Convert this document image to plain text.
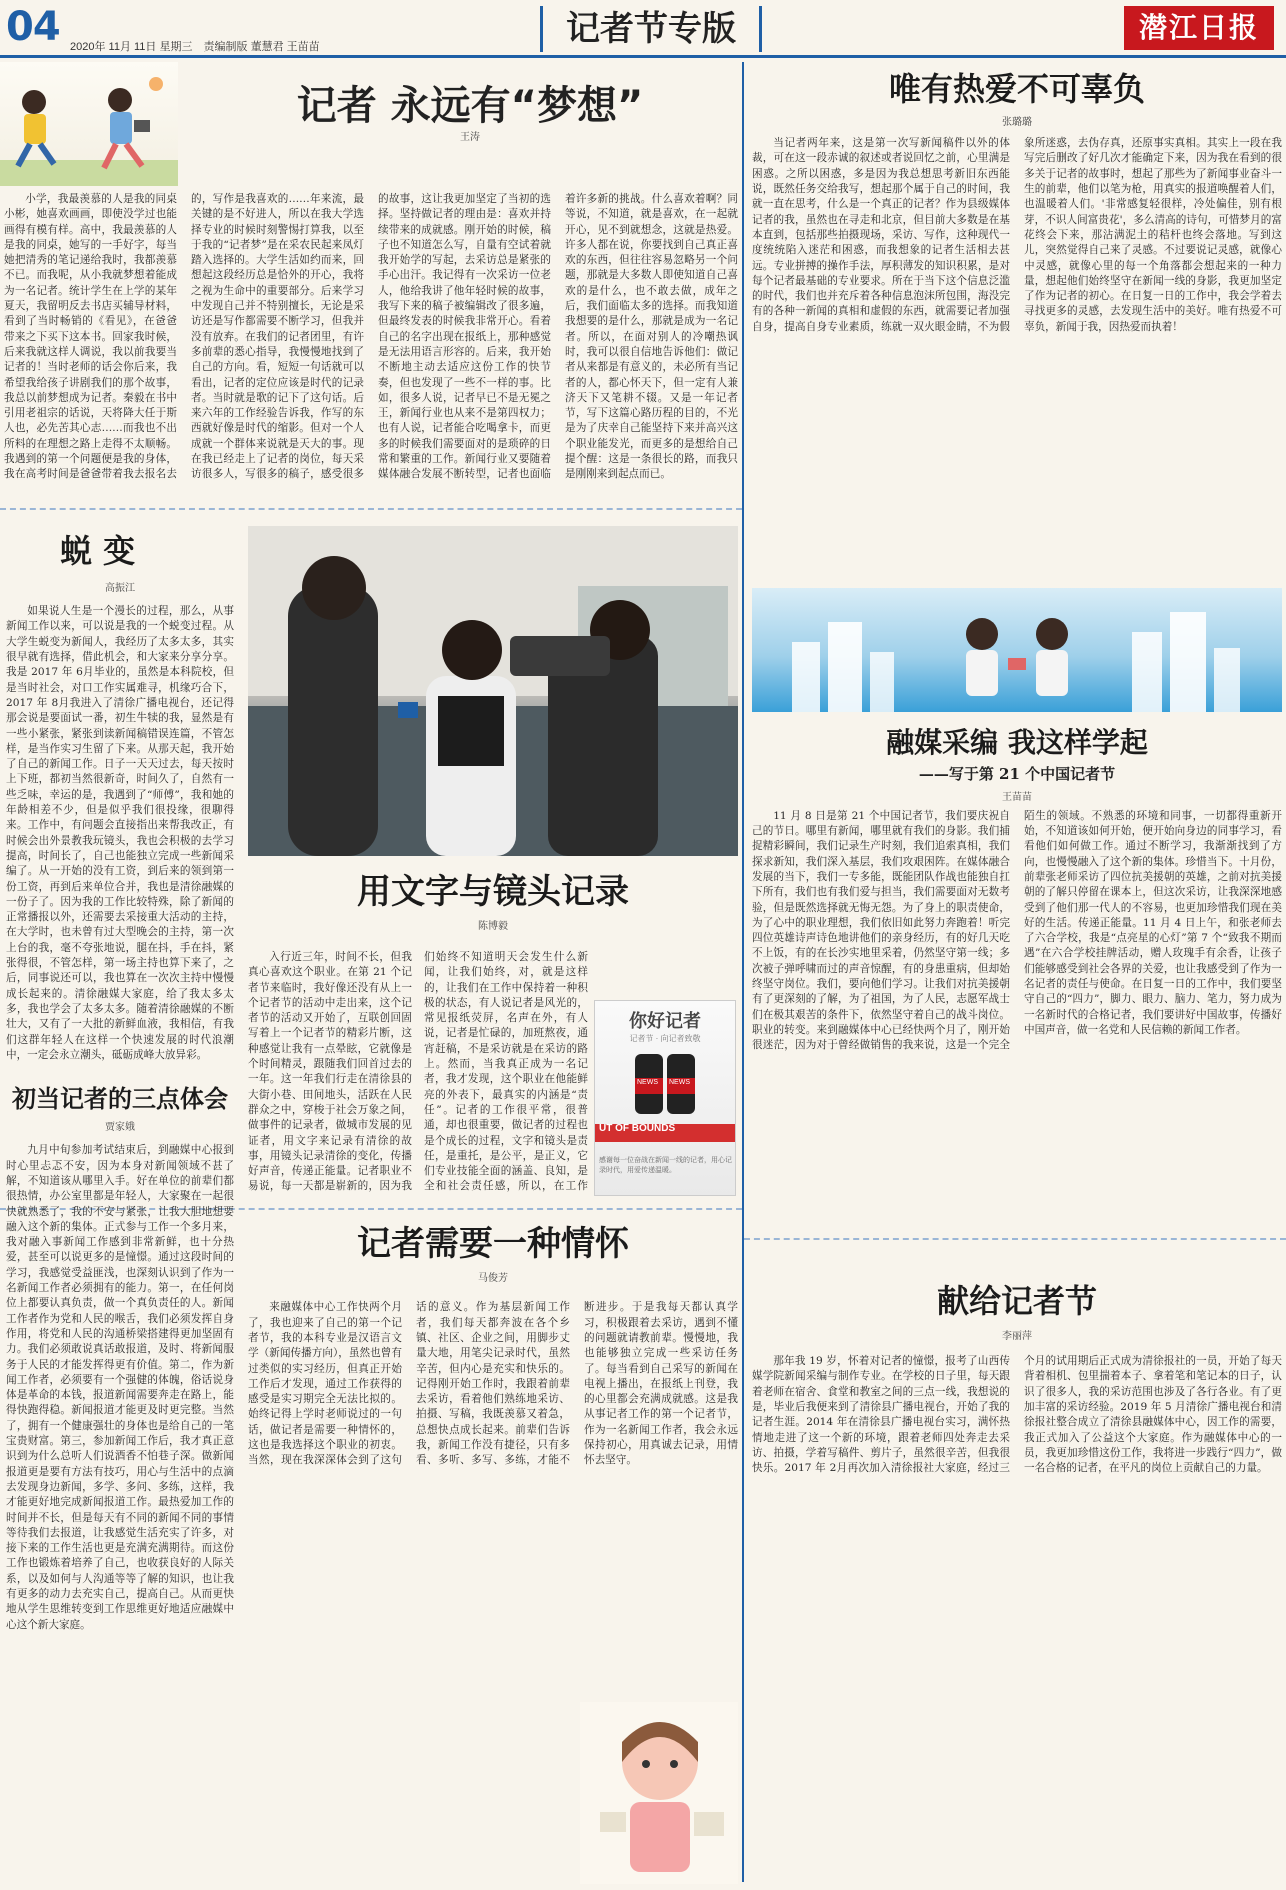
04 2020年 11月 11日 星期三 责编制版 董慧君 王苗苗	记者节专版	潜江日报
小学，我最羡慕的人是我的同桌小彬，她喜欢画画，即使没学过也能画得有模有样。高中，我最羡慕的人是我的同桌，她写的一手好字，每当她把清秀的笔记递给我时，我都羡慕不已。而我呢，从小我就梦想着能成为一名记者。统计学生在上学的某年夏天，我留明反去书店买辅导材料，看到了当时畅销的《看见》，在爸爸带来之下买下这本书。回家我时候，后来我就这样人调说，我以前我要当记者的！当时老师的话会你后来，我希望我给孩子讲剧我们的那个故事，我总以前梦想成为记者。秦毅在书中引用老祖宗的话说，天将降大任于斯人也，必先苦其心志……而我也不出所料的在理想之路上走得不太顺畅。我遇到的第一个问题便是我的身体，我在高考时间是爸爸带着我去报名去的，写作是我喜欢的……年来流，最关键的是不好进人，所以在我大学选择专业的时候时刻警惕打算我，以至于我的“记者梦”是在采农民起来凤灯踏入选择的。大学生活如约而来，回想起这段经历总是恰外的开心，我将之视为生命中的重要部分。后来学习中发现自己并不特别擅长，无论是采访还是写作都需要不断学习，但我并没有放弃。在我们的记者团里，有许多前辈的悉心指导，我慢慢地找到了自己的方向。看，短短一句话就可以看出，记者的定位应该是时代的记录者。当时就是歌的记下了这句话。后来六年的工作经验告诉我，作写的东西就好像是时代的缩影。但对一个人成就一个群体来说就是天大的事。现在我已经走上了记者的岗位，每天采访很多人，写很多的稿子，感受很多的故事，这让我更加坚定了当初的选择。坚持做记者的理由是：喜欢并持续带来的成就感。刚开始的时候，稿子也不知道怎么写，自量有空试着就我开始学的写起，去采访总是紧张的手心出汗。我记得有一次采访一位老人，他给我讲了他年轻时候的故事，我写下来的稿子被编辑改了很多遍，但最终发表的时候我非常开心。看着自己的名字出现在报纸上，那种感觉是无法用语言形容的。后来，我开始不断地主动去适应这份工作的快节奏，但也发现了一些不一样的事。比如，很多人说，记者早已不是无冕之王，新闻行业也从来不是第四权力；也有人说，记者能合吃喝拿卡，而更多的时候我们需要面对的是琐碎的日常和繁重的工作。新闻行业又要随着媒体融合发展不断转型，记者也面临着许多新的挑战。什么喜欢着啊？同等说，不知道，就是喜欢，在一起就开心，见不到就想念，这就是热爱。许多人都在说，你要找到自己真正喜欢的东西，但往往容易忽略另一个问题，那就是大多数人即使知道自己喜欢的是什么，也不敢去做，成年之后，我们面临太多的选择。而我知道我想要的是什么，那就是成为一名记者。所以，在面对别人的冷嘲热讽时，我可以很自信地告诉他们：做记者从来都是有意义的，未必所有当记者的人，都心怀天下，但一定有人兼济天下又笔耕不辍。又是一年记者节，写下这篇心路历程的目的，不光是为了庆幸自己能坚持下来并高兴这个职业能发光，而更多的是想给自己提个醒：这是一条很长的路，而我只是刚刚来到起点而已。
记者 永远有“梦想”
王涛
唯有热爱不可辜负
张璐璐
当记者两年来，这是第一次写新闻稿件以外的体裁，可在这一段赤诚的叙述或者说回忆之前，心里满是困惑。之所以困惑，多是因为我总想思考新旧东西能说，既然任务交给我写，想起那个属于自己的时间，我就一直在思考，什么是一个真正的记者？作为县级媒体记者的我，虽然也在寻走和北京，但目前大多数是在基本直到，包括那些拍摄现场，采访、写作，这种现代一度统统陷入迷茫和困惑，而我想象的记者生活相去甚远。专业拼搏的操作手法，厚积薄发的知识积累，是对每个记者最基础的专业要求。所在于当下这个信息泛滥的时代，我们也并充斥着各种信息泡沫所包围，海没完有的各种一新闻的真相和虚假的东西，就需要记者加强自身，提高自身专业素质，练就一双火眼金睛，不为假象所迷惑，去伪存真，还原事实真相。其实上一段在我写完后删改了好几次才能确定下来，因为我在看到的很多关于记者的故事时，想起了那些为了新闻事业奋斗一生的前辈，他们以笔为枪，用真实的报道唤醒着人们，也温暖着人们。'非常感复轻很样，冷处偏佳，别有根芽，不识人间富贵花'，多么清高的诗句，可惜梦月的富花终会下来，那沾满泥土的秸杆也终会落地。写到这儿，突然觉得自己来了灵感。不过要说记灵感，就像心中灵感，就像心里的每一个角落都会想起来的一种力量，想起他们始终坚守在新闻一线的身影，我更加坚定了作为记者的初心。在日复一日的工作中，我会学着去寻找更多的灵感，去发现生活中的美好。唯有热爱不可辜负，新闻于我，因热爱而执着！
融媒采编 我这样学起
——写于第 21 个中国记者节
王苗苗
11 月 8 日是第 21 个中国记者节，我们要庆祝自己的节日。哪里有新闻，哪里就有我们的身影。我们捕捉精彩瞬间，我们记录生产时刻，我们追索真相，我们探求新知，我们深入基层，我们攻艰困阵。在媒体融合发展的当下，我们一专多能，既能团队作战也能独自扛下所有，我们也有我们爱与担当，我们需要面对无数考验，但是既然选择就无悔无怨。为了身上的职责使命，为了心中的职业理想，我们依旧如此努力奔跑着！听完四位英雄诗声诗色地讲他们的亲身经历，有的好几天吃不上饭，有的在长沙实地里采着，仍然坚守第一线；多次被子弹呼啸而过的声音惊醒，有的身患重病，但却始终坚守岗位。我们，要向他们学习。让我们对抗美援朝有了更深刻的了解，为了祖国，为了人民，志愿军战士们在极其艰苦的条件下，依然坚守着自己的战斗岗位。职业的转变。来到融媒体中心已经快两个月了，刚开始很迷茫，因为对于曾经做销售的我来说，这是一个完全陌生的领域。不熟悉的环境和同事，一切都得重新开始，不知道该如何开始，便开始向身边的同事学习，看看他们如何做工作。通过不断学习，我渐渐找到了方向，也慢慢融入了这个新的集体。珍惜当下。十月份，前辈张老师采访了四位抗美援朝的英雄，之前对抗美援朝的了解只停留在课本上，但这次采访，让我深深地感受到了他们那一代人的不容易，也更加珍惜我们现在美好的生活。传递正能量。11 月 4 日上午，和张老师去了六合学校，我是“点亮星的心灯”第 7 个“致我不期而遇”在六合学校挂牌活动，赠人玫瑰手有余香，让孩子们能够感受到社会各界的关爱，也让我感受到了作为一名记者的责任与使命。在日复一日的工作中，我们要坚守自己的“四力”，脚力、眼力、脑力、笔力，努力成为一名新时代的合格记者，我们要讲好中国故事，传播好中国声音，做一名党和人民信赖的新闻工作者。
献给记者节
李丽萍
那年我 19 岁，怀着对记者的憧憬，报考了山西传媒学院新闻采编与制作专业。在学校的日子里，每天跟着老师在宿舍、食堂和教室之间的三点一线，我想说的是，毕业后我便来到了清徐县广播电视台，开始了我的记者生涯。2014 年在清徐县广播电视台实习，满怀热情地走进了这一个新的环境，跟着老师四处奔走去采访、拍摄，学着写稿件、剪片子，虽然很辛苦，但我很快乐。2017 年 2月再次加入清徐报社大家庭，经过三个月的试用期后正式成为清徐报社的一员，开始了每天背着相机、包里揣着本子、拿着笔和笔记本的日子，认识了很多人，我的采访范围也涉及了各行各业。有了更加丰富的采访经验。2019 年 5 月清徐广播电视台和清徐报社整合成立了清徐县融媒体中心，因工作的需要，我正式加入了公益这个大家庭。作为融媒体中心的一员，我更加珍惜这份工作，我将进一步践行“四力”，做一名合格的记者，在平凡的岗位上贡献自己的力量。
蜕 变
高振江
如果说人生是一个漫长的过程，那么，从事新闻工作以来，可以说是我的一个蜕变过程。从大学生蜕变为新闻人，我经历了太多太多，其实很早就有选择，借此机会，和大家来分享分享。我是 2017 年 6月毕业的，虽然是本科院校，但是当时社会，对口工作实属难寻，机缘巧合下，2017 年 8月我进入了清徐广播电视台，还记得那会说是要面试一番，初生牛犊的我，显然是有一些小紧张，紧张到读新闻稿错误连篇，不管怎样，是当作实习生留了下来。从那天起，我开始了自己的新闻工作。日子一天天过去，每天按时上下班，都初当然很新奇，时间久了，自然有一些乏味，幸运的是，我遇到了“师傅”，我和她的年龄相差不少，但是似乎我们很投缘，很聊得来。工作中，有问题会直接指出来帮我改正，有时候会出外景教我玩镜头，我也会积极的去学习提高，时间长了，自己也能独立完成一些新闻采编了。从一开始的没有工资，到后来的领到第一份工资，再到后来单位合并，我也是清徐融媒的一份子了。因为我的工作比较特殊，除了新闻的正常播报以外，还需要去采接重大活动的主持，在大学时，也未曾有过大型晚会的主持，第一次上台的我，毫不夸张地说，腿在抖，手在抖，紧张得很，不管怎样，第一场主持也算下来了，之后，同事说还可以，我也算在一次次主持中慢慢成长起来的。清徐融媒大家庭，给了我太多太多，我也学会了太多太多。随着清徐融媒的不断壮大，又有了一大批的新鲜血液，我相信，有我们这群年轻人在这样一个快速发展的时代浪潮中，一定会永立潮头，砥砺成峰大放异彩。
用文字与镜头记录
陈博毅
入行近三年，时间不长，但我真心喜欢这个职业。在第 21 个记者节来临时，我好像还没有从上一个记者节的活动中走出来，这个记者节的活动又开始了，互联创回固写着上一个记者节的精彩片断，这种感觉让我有一点晕眩，它就像是个时间精灵，跟随我们回首过去的一年。这一年我们行走在清徐县的大街小巷、田间地头，活跃在人民群众之中，穿梭于社会万象之间，做事件的记录者，做城市发展的见证者，用文字来记录有清徐的故事，用镜头记录清徐的变化，传播好声音，传递正能量。记者职业不易说，每一天都是崭新的，因为我们始终不知道明天会发生什么新闻，让我们始终，对，就是这样的，让我们在工作中保持着一种积极的状态，有人说记者是风光的，常见报纸荧屏，名声在外，有人说，记者是忙碌的，加班熬夜，通宵赶稿，不是采访就是在采访的路上。然而，当我真正成为一名记者，我才发现，这个职业在他能鲜亮的外表下，最真实的内涵是“责任”。记者的工作很平常，很普通，却也很重要，做记者的过程也是个成长的过程，文字和镜头是责任，是重托，是公平，是正义，它们专业技能全面的涵盖、良知，是全和社会责任感，所以，在工作
你好记者
记者节 · 向记者致敬
NEWS NEWS
UT OF BOUNDS
感谢每一位奋战在新闻一线的记者，用心记录时代，用爱传递温暖。
初当记者的三点体会
贾家娥
九月中旬参加考试结束后，到融媒中心报到时心里忐忑不安，因为本身对新闻领域不甚了解，不知道该从哪里入手。好在单位的前辈们都很热情，办公室里都是年轻人，大家聚在一起很快就熟悉了，我的不安与紧张，让我大胆地想要融入这个新的集体。正式参与工作一个多月来，我对融入事新闻工作感到非常新鲜，也十分热爱，甚至可以说更多的是憧憬。通过这段时间的学习，我感觉受益匪浅，也深刻认识到了作为一名新闻工作者必须拥有的能力。第一，在任何岗位上都要认真负责，做一个真负责任的人。新闻工作者作为党和人民的喉舌，我们必须发挥自身作用，将党和人民的沟通桥梁搭建得更加坚固有力。我们必须敢说真话敢报道，及时、将新闻服务于人民的才能发挥得更有价值。第二，作为新闻工作者，必须要有一个强健的体魄，俗话说身体是革命的本钱，报道新闻需要奔走在路上，能得快跑得稳。新闻报道才能更及时更完整。当然了，拥有一个健康强壮的身体也是给自己的一笔宝贵财富。第三，参加新闻工作后，我才真正意识到为什么总听人们说酒香不怕巷子深。做新闻报道更是要有方法有技巧，用心与生活中的点滴去发现身边新闻，多学、多问、多练，这样，我才能更好地完成新闻报道工作。最热爱加工作的时间并不长，但是每天有不同的新闻不同的事情等待我们去报道，让我感觉生活充实了许多，对接下来的工作生活也更是充满充满期待。而这份工作也锻炼着培养了自己，也收获良好的人际关系，以及如何与人沟通等等了解的知识，也让我有更多的动力去充实自己，提高自己。从而更快地从学生思维转变到工作思维更好地适应融媒中心这个新大家庭。
记者需要一种情怀
马俊芳
来融媒体中心工作快两个月了，我也迎来了自己的第一个记者节，我的本科专业是汉语言文学（新闻传播方向），虽然也曾有过类似的实习经历，但真正开始工作后才发现，通过工作获得的感受是实习期完全无法比拟的。始终记得上学时老师说过的一句话，做记者是需要一种情怀的，这也是我选择这个职业的初衷。当然，现在我深深体会到了这句话的意义。作为基层新闻工作者，我们每天都奔波在各个乡镇、社区、企业之间，用脚步丈量大地，用笔尖记录时代，虽然辛苦，但内心是充实和快乐的。记得刚开始工作时，我跟着前辈去采访，看着他们熟练地采访、拍摄、写稿，我既羡慕又着急，总想快点成长起来。前辈们告诉我，新闻工作没有捷径，只有多看、多听、多写、多练，才能不断进步。于是我每天都认真学习，积极跟着去采访，遇到不懂的问题就请教前辈。慢慢地，我也能够独立完成一些采访任务了。每当看到自己采写的新闻在电视上播出，在报纸上刊登，我的心里都会充满成就感。这是我从事记者工作的第一个记者节，作为一名新闻工作者，我会永远保持初心，用真诚去记录，用情怀去坚守。
